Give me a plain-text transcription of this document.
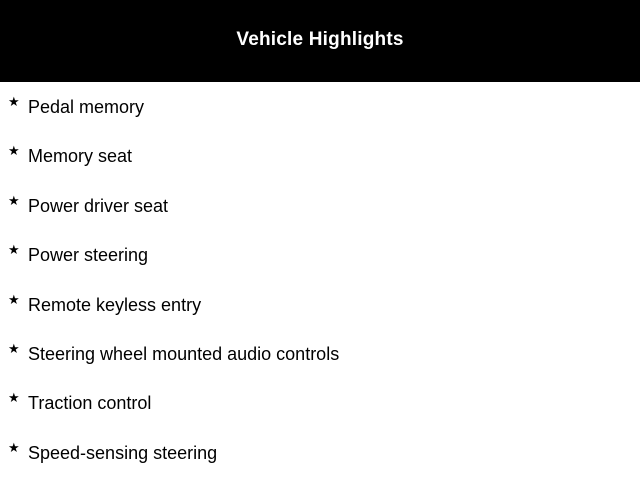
Vehicle Highlights
★ Pedal memory
★ Memory seat
★ Power driver seat
★ Power steering
★ Remote keyless entry
★ Steering wheel mounted audio controls
★ Traction control
★ Speed-sensing steering
